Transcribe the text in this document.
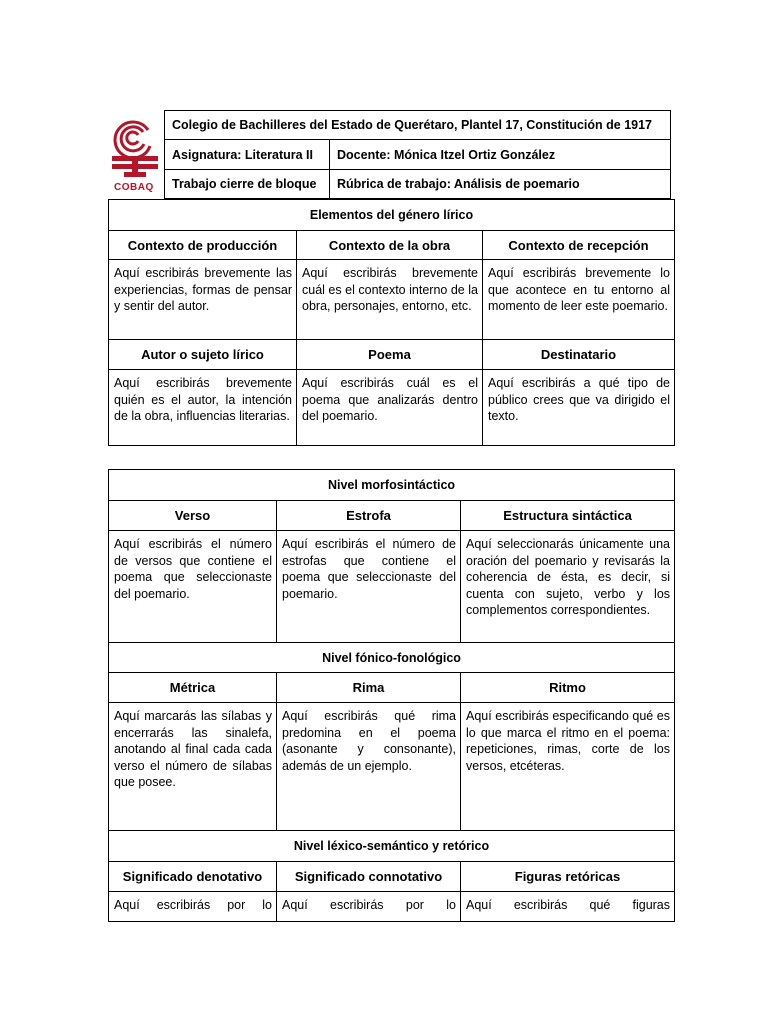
COBAQ
Colegio de Bachilleres del Estado de Querétaro, Plantel 17, Constitución de 1917	
Asignatura: Literatura II	Docente: Mónica Itzel Ortiz González
Trabajo cierre de bloque	Rúbrica de trabajo: Análisis de poemario
Elementos del género lírico		
Contexto de producción	Contexto de la obra	Contexto de recepción
Aquí escribirás brevemente las experiencias, formas de pensar y sentir del autor.	Aquí escribirás brevemente cuál es el contexto interno de la obra, personajes, entorno, etc.	Aquí escribirás brevemente lo que acontece en tu entorno al momento de leer este poemario.
Autor o sujeto lírico	Poema	Destinatario
Aquí escribirás brevemente quién es el autor, la intención de la obra, influencias literarias.	Aquí escribirás cuál es el poema que analizarás dentro del poemario.	Aquí escribirás a qué tipo de público crees que va dirigido el texto.
Nivel morfosintáctico		
Verso	Estrofa	Estructura sintáctica
Aquí escribirás el número de versos que contiene el poema que seleccionaste del poemario.	Aquí escribirás el número de estrofas que contiene el poema que seleccionaste del poemario.	Aquí seleccionarás únicamente una oración del poemario y revisarás la coherencia de ésta, es decir, si cuenta con sujeto, verbo y los complementos correspondientes.
Nivel fónico-fonológico		
Métrica	Rima	Ritmo
Aquí marcarás las sílabas y encerrarás las sinalefa, anotando al final cada cada verso el número de sílabas que posee.	Aquí escribirás qué rima predomina en el poema (asonante y consonante), además de un ejemplo.	Aquí escribirás especificando qué es lo que marca el ritmo en el poema: repeticiones, rimas, corte de los versos, etcéteras.
Nivel léxico-semántico y retórico		
Significado denotativo	Significado connotativo	Figuras retóricas
Aquí escribirás por lo	Aquí escribirás por lo	Aquí escribirás qué figuras
